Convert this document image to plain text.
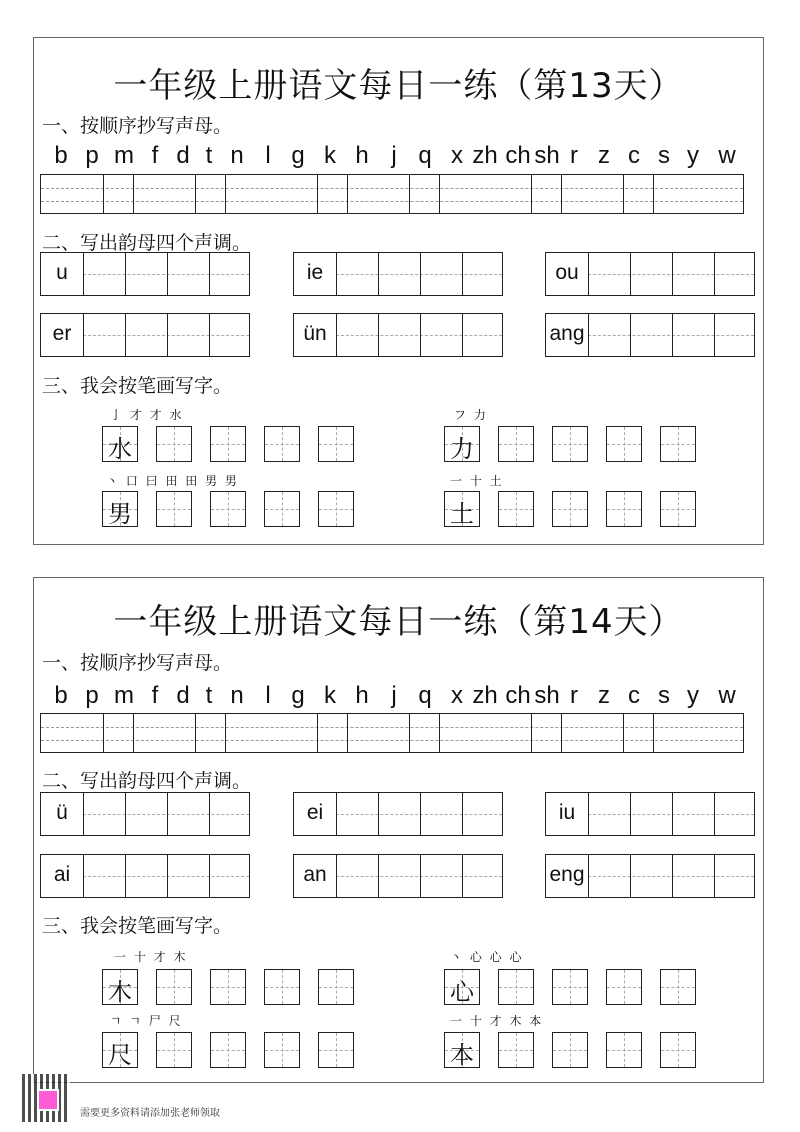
一年级上册语文每日一练（第13天）
一、按顺序抄写声母。
b p m f d t n l g k h j q x zh ch sh r z c s y w
二、写出韵母四个声调。
u	ie	ou
er	ün	ang
三、我会按笔画写字。
亅 才 才 水
水
フ 力
力
丶 口 曰 田 田 男 男
男
一 十 土
土
一年级上册语文每日一练（第14天）
一、按顺序抄写声母。
b p m f d t n l g k h j q x zh ch sh r z c s y w
二、写出韵母四个声调。
ü	ei	iu
ai	an	eng
三、我会按笔画写字。
一 十 才 木
木
丶 心 心 心
心
ㄱ ㄱ 尸 尺
尺
一 十 才 木 本
本
需要更多资料请添加张老师领取
